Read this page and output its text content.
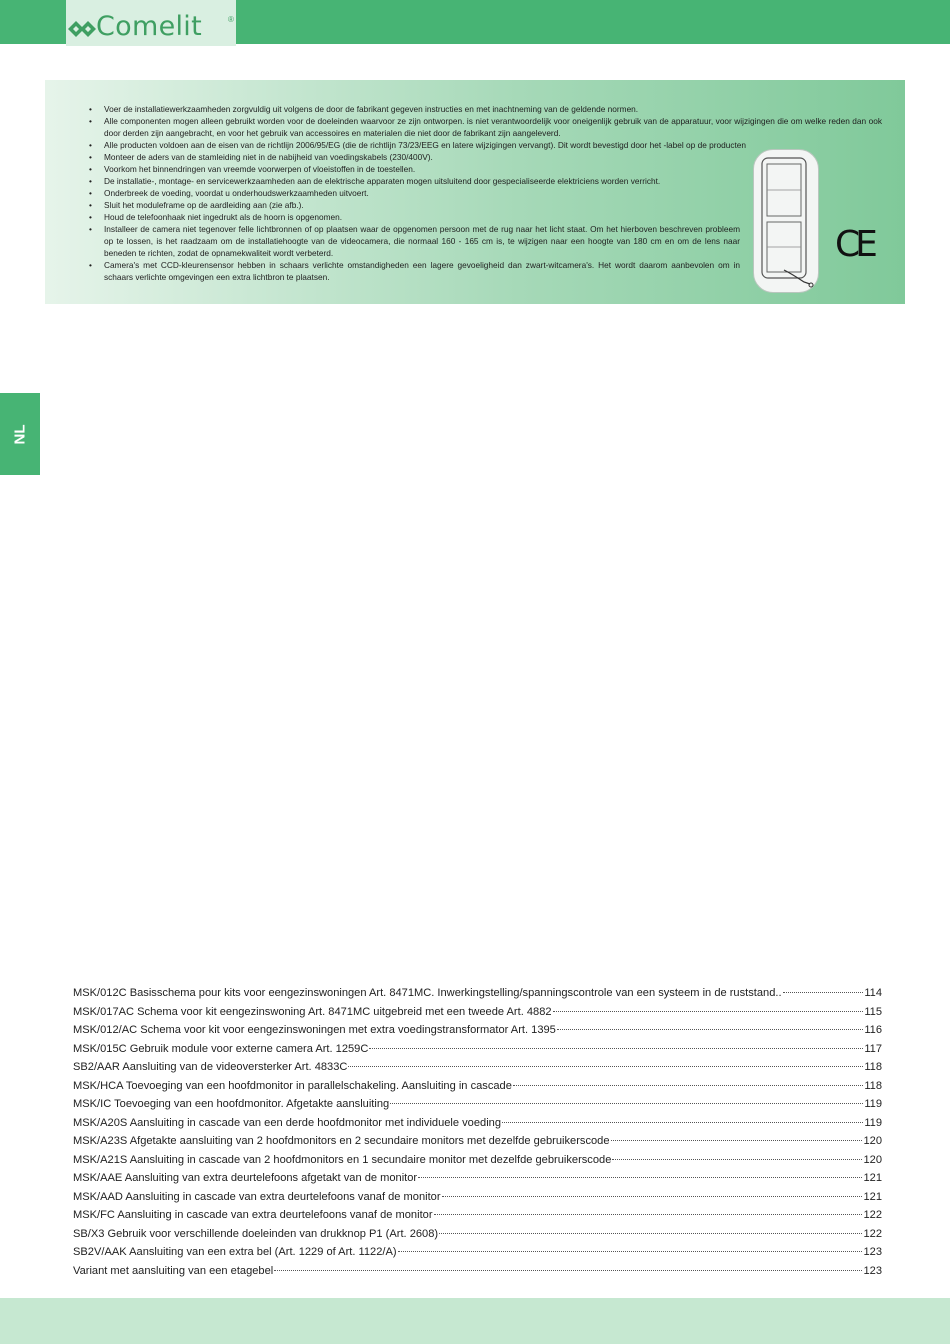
Comelit	®
• Voer de installatiewerkzaamheden zorgvuldig uit volgens de door de fabrikant gegeven instructies en met inachtneming van de geldende normen.
• Alle componenten mogen alleen gebruikt worden voor de doeleinden waarvoor ze zijn ontworpen. is niet verantwoordelijk voor oneigenlijk gebruik van de apparatuur, voor wijzigingen die om welke reden dan ook door derden zijn aangebracht, en voor het gebruik van accessoires en materialen die niet door de fabrikant zijn aangeleverd.
• Alle producten voldoen aan de eisen van de richtlijn 2006/95/EG (die de richtlijn 73/23/EEG en latere wijzigingen vervangt). Dit wordt bevestigd door het -label op de producten
• Monteer de aders van de stamleiding niet in de nabijheid van voedingskabels (230/400V).
• Voorkom het binnendringen van vreemde voorwerpen of vloeistoffen in de toestellen.
• De installatie-, montage- en servicewerkzaamheden aan de elektrische apparaten mogen uitsluitend door gespecialiseerde elektriciens worden verricht.
• Onderbreek de voeding, voordat u onderhoudswerkzaamheden uitvoert.
• Sluit het moduleframe op de aardleiding aan (zie afb.).
• Houd de telefoonhaak niet ingedrukt als de hoorn is opgenomen.
• Installeer de camera niet tegenover felle lichtbronnen of op plaatsen waar de opgenomen persoon met de rug naar het licht staat. Om het hierboven beschreven probleem op te lossen, is het raadzaam om de installatiehoogte van de videocamera, die normaal 160 - 165 cm is, te wijzigen naar een hoogte van 180 cm en om de lens naar beneden te richten, zodat de opnamekwaliteit wordt verbeterd.
• Camera's met CCD-kleurensensor hebben in schaars verlichte omstandigheden een lagere gevoeligheid dan zwart-witcamera's. Het wordt daarom aanbevolen om in schaars verlichte omgevingen een extra lichtbron te plaatsen.
CE
NL
MSK/012C Basisschema pour kits voor eengezinswoningen Art. 8471MC. Inwerkingstelling/spanningscontrole van een systeem in de ruststand..	114
MSK/017AC Schema voor kit eengezinswoning Art. 8471MC uitgebreid met een tweede Art. 4882	115
MSK/012/AC Schema voor kit voor eengezinswoningen met extra voedingstransformator Art. 1395	116
MSK/015C Gebruik module voor externe camera Art. 1259C	117
SB2/AAR Aansluiting van de videoversterker Art. 4833C	118
MSK/HCA Toevoeging van een hoofdmonitor in parallelschakeling. Aansluiting in cascade	118
MSK/IC Toevoeging van een hoofdmonitor. Afgetakte aansluiting	119
MSK/A20S Aansluiting in cascade van een derde hoofdmonitor met individuele voeding	119
MSK/A23S Afgetakte aansluiting van 2 hoofdmonitors en 2 secundaire monitors met dezelfde gebruikerscode	120
MSK/A21S Aansluiting in cascade van 2 hoofdmonitors en 1 secundaire monitor met dezelfde gebruikerscode	120
MSK/AAE Aansluiting van extra deurtelefoons afgetakt van de monitor	121
MSK/AAD Aansluiting in cascade van extra deurtelefoons vanaf de monitor	121
MSK/FC Aansluiting in cascade van extra deurtelefoons vanaf de monitor	122
SB/X3 Gebruik voor verschillende doeleinden van drukknop P1 (Art. 2608)	122
SB2V/AAK Aansluiting van een extra bel (Art. 1229 of Art. 1122/A)	123
Variant met aansluiting van een etagebel	123
